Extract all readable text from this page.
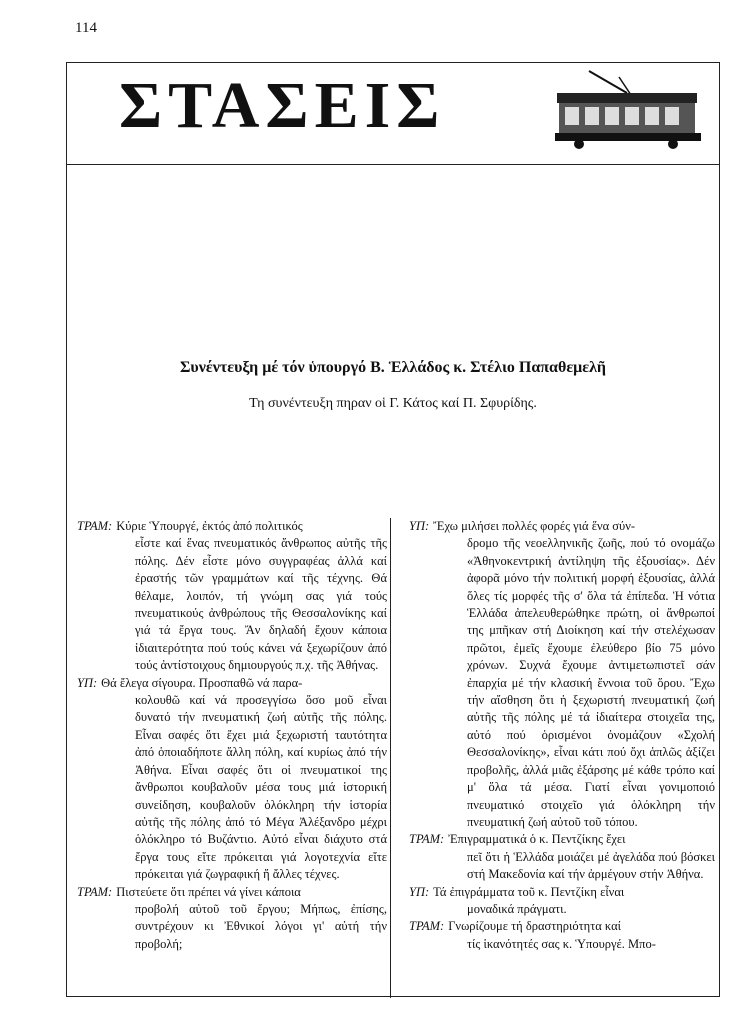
114
ΣΤΑΣΕΙΣ
Συνέντευξη μέ τόν ὑπουργό Β. Ἑλλάδος κ. Στέλιο Παπαθεμελῆ
Τη συνέντευξη πηραν οἱ Γ. Κάτος καί Π. Σφυρίδης.

ΤΡΑΜ: Κύριε Ὑπουργέ, ἐκτός ἀπό πολιτικός
εἶστε καί ἕνας πνευματικός ἄνθρωπος αὐτῆς τῆς πόλης. Δέν εἶστε μόνο συγγραφέας ἀλλά καί ἐραστής τῶν γραμμάτων καί τῆς τέχνης. Θά θέλαμε, λοιπόν, τή γνώμη σας γιά τούς πνευματικούς ἀνθρώπους τῆς Θεσσαλονίκης καί γιά τά ἔργα τους. Ἄν δηλαδή ἔχουν κάποια ἰδιαιτερότητα πού τούς κάνει νά ξεχωρίζουν ἀπό τούς ἀντίστοιχους δημιουργούς π.χ. τῆς Ἀθήνας.

ΥΠ: Θά ἔλεγα σίγουρα. Προσπαθῶ νά παρα-
κολουθῶ καί νά προσεγγίσω ὅσο μοῦ εἶναι δυνατό τήν πνευματική ζωή αὐτῆς τῆς πόλης. Εἶναι σαφές ὅτι ἔχει μιά ξεχωριστή ταυτότητα ἀπό ὁποιαδήποτε ἄλλη πόλη, καί κυρίως ἀπό τήν Ἀθήνα. Εἶναι σαφές ὅτι οἱ πνευματικοί της ἄνθρωποι κουβαλοῦν μέσα τους μιά ἱστορική συνείδηση, κουβαλοῦν ὁλόκληρη τήν ἱστορία αὐτῆς τῆς πόλης ἀπό τό Μέγα Ἀλέξανδρο μέχρι ὁλόκληρο τό Βυζάντιο. Αὐτό εἶναι διάχυτο στά ἔργα τους εἴτε πρόκειται γιά λογοτεχνία εἴτε πρόκειται γιά ζωγραφική ἤ ἄλλες τέχνες.

ΤΡΑΜ: Πιστεύετε ὅτι πρέπει νά γίνει κάποια
προβολή αὐτοῦ τοῦ ἔργου; Μήπως, ἐπίσης, συντρέχουν κι Ἐθνικοί λόγοι γι' αὐτή τήν προβολή;

ΥΠ: Ἔχω μιλήσει πολλές φορές γιά ἕνα σύν-
δρομο τῆς νεοελληνικῆς ζωῆς, πού τό ονομάζω «Ἀθηνοκεντρική ἀντίληψη τῆς ἐξουσίας». Δέν ἀφορᾶ μόνο τήν πολιτική μορφή ἐξουσίας, ἀλλά ὅλες τίς μορφές τῆς σ' ὅλα τά ἐπίπεδα. Ἡ νότια Ἑλλάδα ἀπελευθερώθηκε πρώτη, οἱ ἄνθρωποί της μπῆκαν στή Διοίκηση καί τήν στελέχωσαν πρῶτοι, ἐμεῖς ἔχουμε ἐλεύθερο βίο 75 μόνο χρόνων. Συχνά ἔχουμε ἀντιμετωπιστεῖ σάν ἐπαρχία μέ τήν κλασική ἔννοια τοῦ ὅρου. Ἔχω τήν αἴσθηση ὅτι ἡ ξεχωριστή πνευματική ζωή αὐτῆς τῆς πόλης μέ τά ἰδιαίτερα στοιχεῖα της, αὐτό πού ὁρισμένοι ὀνομάζουν «Σχολή Θεσσαλονίκης», εἶναι κάτι πού ὄχι ἁπλῶς ἀξίζει προβολῆς, ἀλλά μιᾶς ἐξάρσης μέ κάθε τρόπο καί μ' ὅλα τά μέσα. Γιατί εἶναι γονιμοποιό πνευματικό στοιχεῖο γιά ὁλόκληρη τήν πνευματική ζωή αὐτοῦ τοῦ τόπου.

ΤΡΑΜ: Ἐπιγραμματικά ὁ κ. Πεντζίκης ἔχει
πεῖ ὅτι ἡ Ἑλλάδα μοιάζει μέ ἀγελάδα πού βόσκει στή Μακεδονία καί τήν ἀρμέγουν στήν Ἀθήνα.

ΥΠ: Τά ἐπιγράμματα τοῦ κ. Πεντζίκη εἶναι
μοναδικά πράγματι.

ΤΡΑΜ: Γνωρίζουμε τή δραστηριότητα καί
τίς ἱκανότητές σας κ. Ὑπουργέ. Μπο-
